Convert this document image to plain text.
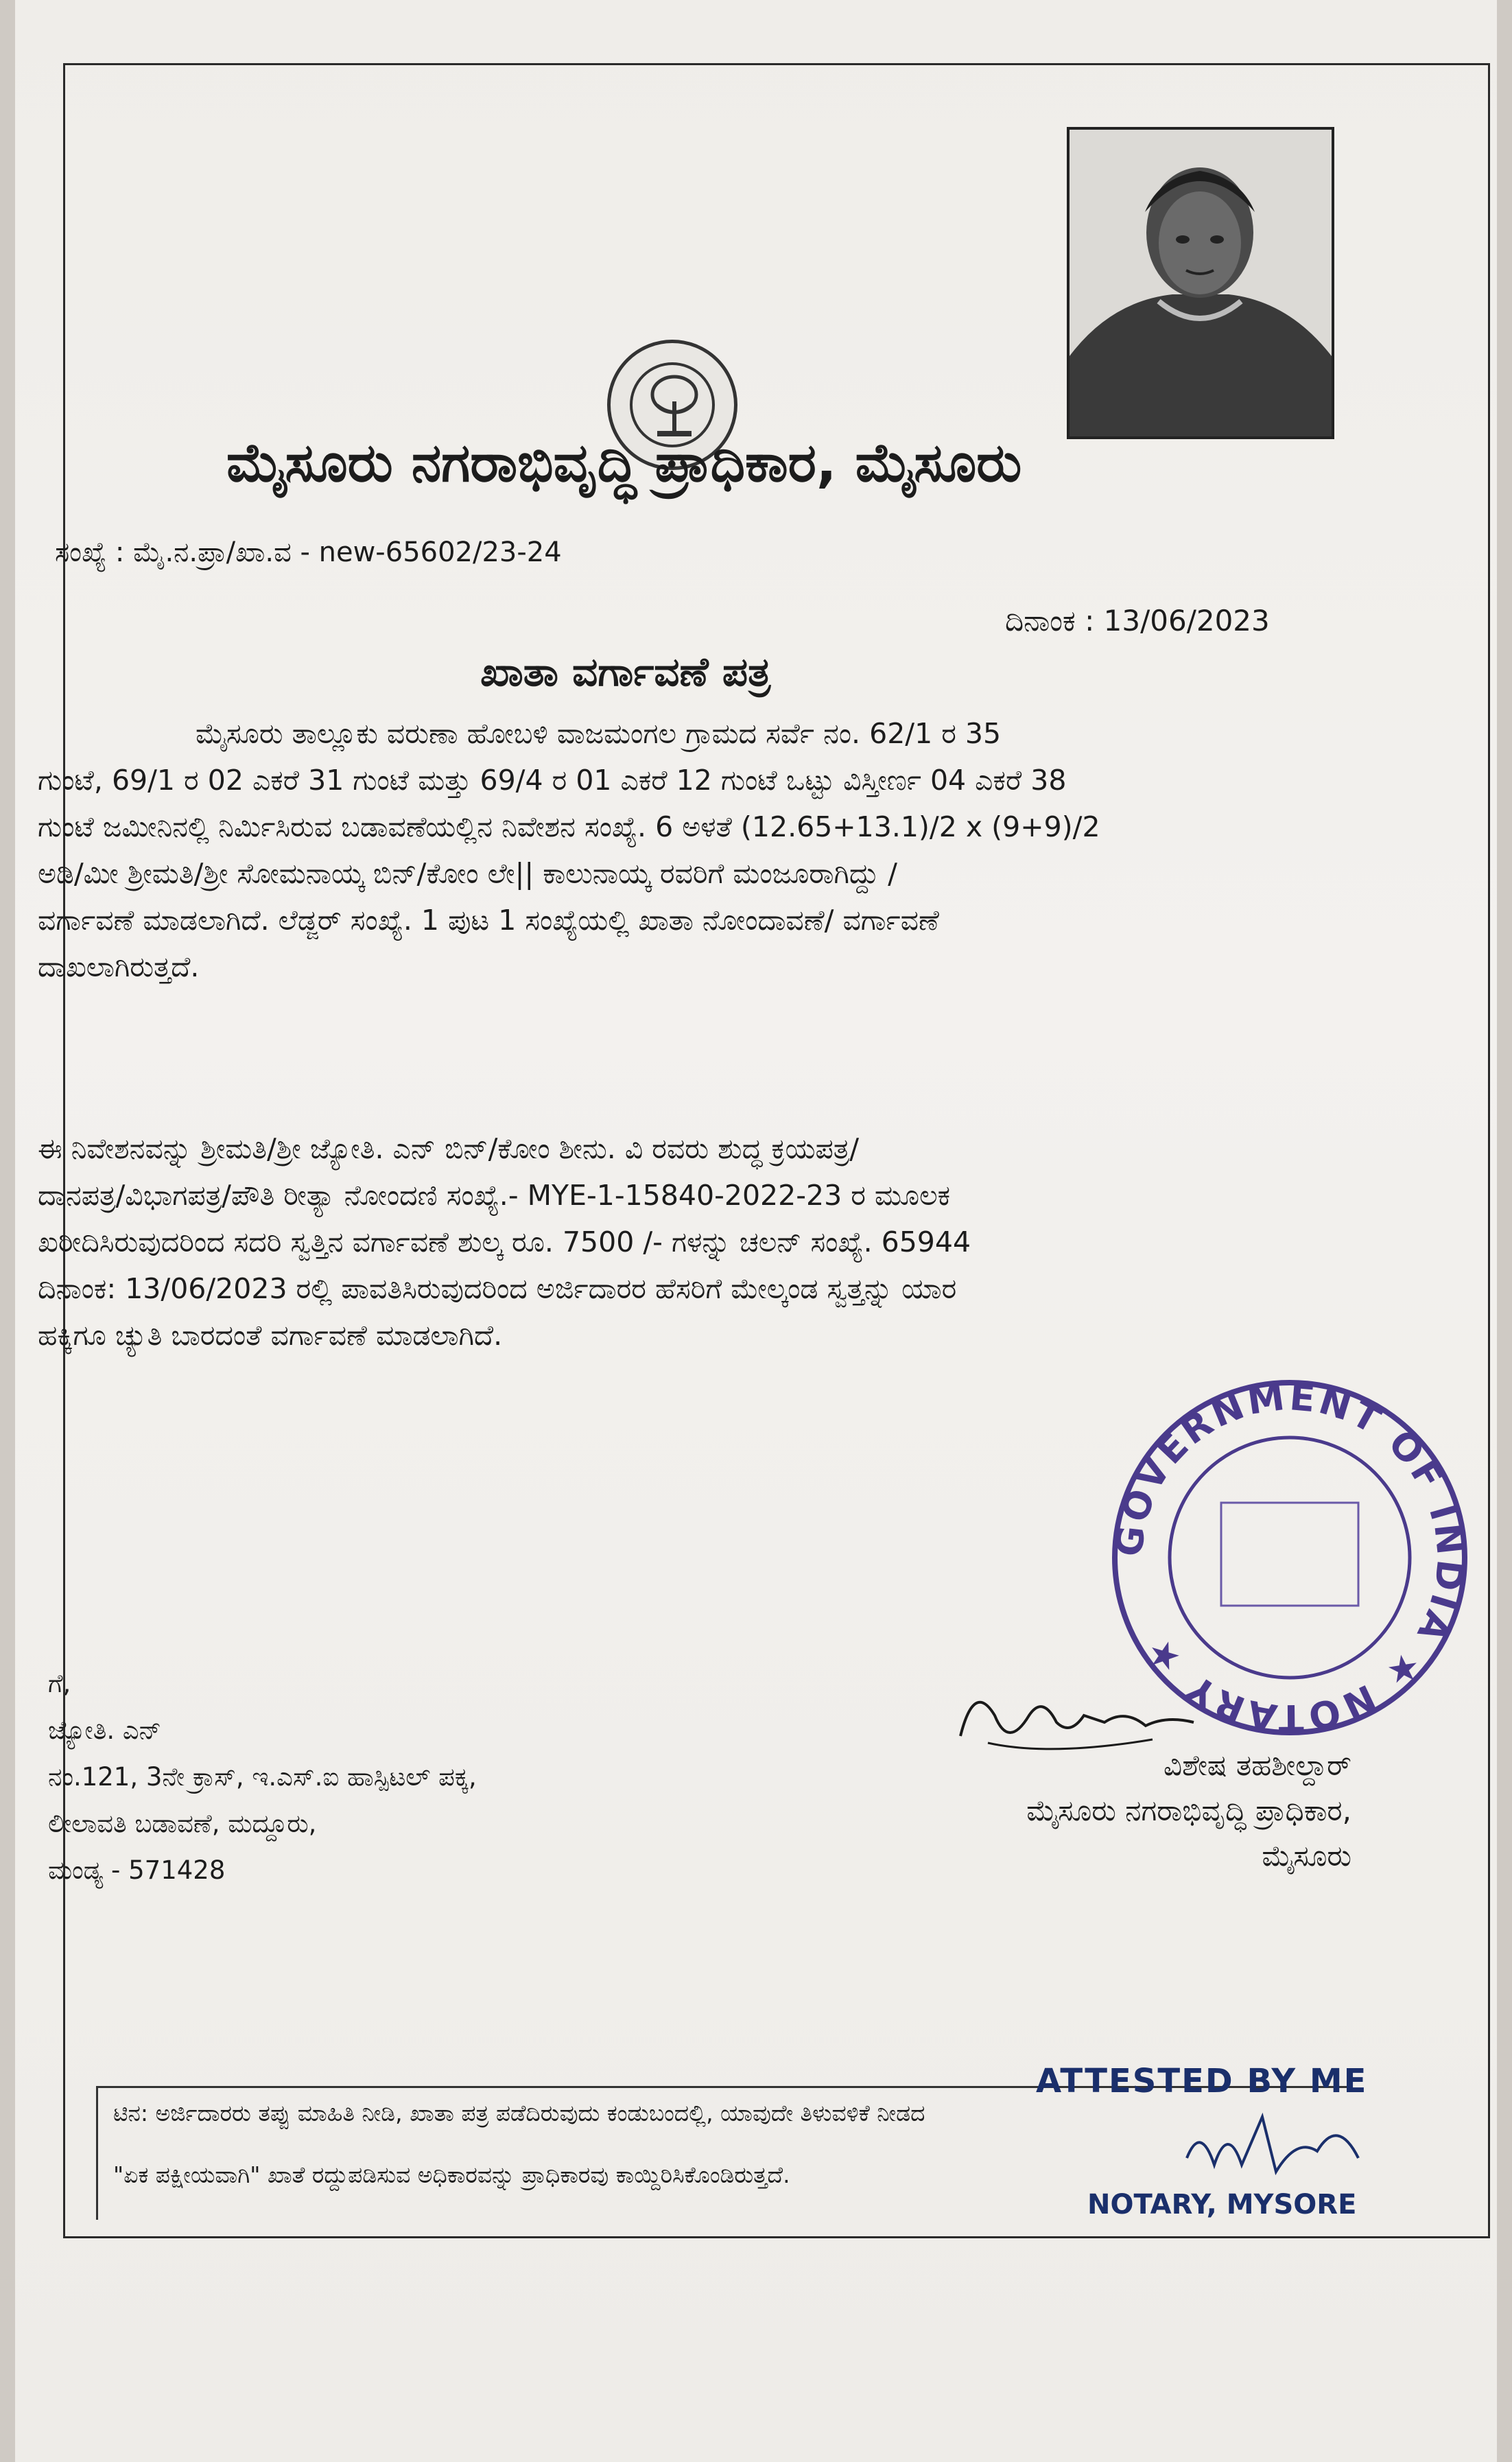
ಮೈಸೂರು ನಗರಾಭಿವೃದ್ಧಿ ಪ್ರಾಧಿಕಾರ, ಮೈಸೂರು
ಸಂಖ್ಯೆ : ಮೈ.ನ.ಪ್ರಾ/ಖಾ.ವ - new-65602/23-24
ದಿನಾಂಕ : 13/06/2023
ಖಾತಾ ವರ್ಗಾವಣೆ ಪತ್ರ

ಮೈಸೂರು ತಾಲ್ಲೂಕು ವರುಣಾ ಹೋಬಳಿ ವಾಜಮಂಗಲ ಗ್ರಾಮದ ಸರ್ವೆ ನಂ. 62/1 ರ 35

ಗುಂಟೆ, 69/1 ರ 02 ಎಕರೆ 31 ಗುಂಟೆ ಮತ್ತು 69/4 ರ 01 ಎಕರೆ 12 ಗುಂಟೆ ಒಟ್ಟು ವಿಸ್ತೀರ್ಣ 04 ಎಕರೆ 38

ಗುಂಟೆ ಜಮೀನಿನಲ್ಲಿ ನಿರ್ಮಿಸಿರುವ ಬಡಾವಣೆಯಲ್ಲಿನ ನಿವೇಶನ ಸಂಖ್ಯೆ. 6 ಅಳತೆ (12.65+13.1)/2 x (9+9)/2

ಅಡಿ/ಮೀ ಶ್ರೀಮತಿ/ಶ್ರೀ ಸೋಮನಾಯ್ಕ ಬಿನ್/ಕೋಂ ಲೇ|| ಕಾಲುನಾಯ್ಕ ರವರಿಗೆ ಮಂಜೂರಾಗಿದ್ದು /

ವರ್ಗಾವಣೆ ಮಾಡಲಾಗಿದೆ. ಲೆಡ್ಜರ್ ಸಂಖ್ಯೆ. 1 ಪುಟ 1 ಸಂಖ್ಯೆಯಲ್ಲಿ ಖಾತಾ ನೋಂದಾವಣೆ/ ವರ್ಗಾವಣೆ

ದಾಖಲಾಗಿರುತ್ತದೆ.

ಈ ನಿವೇಶನವನ್ನು ಶ್ರೀಮತಿ/ಶ್ರೀ ಜ್ಯೋತಿ. ಎನ್ ಬಿನ್/ಕೋಂ ಶೀನು. ವಿ ರವರು ಶುದ್ಧ ಕ್ರಯಪತ್ರ/

ದಾನಪತ್ರ/ವಿಭಾಗಪತ್ರ/ಪೌತಿ ರೀತ್ಯಾ ನೋಂದಣಿ ಸಂಖ್ಯೆ.- MYE-1-15840-2022-23 ರ ಮೂಲಕ

ಖರೀದಿಸಿರುವುದರಿಂದ ಸದರಿ ಸ್ವತ್ತಿನ ವರ್ಗಾವಣೆ ಶುಲ್ಕ ರೂ. 7500 /- ಗಳನ್ನು ಚಲನ್ ಸಂಖ್ಯೆ. 65944

ದಿನಾಂಕ: 13/06/2023 ರಲ್ಲಿ ಪಾವತಿಸಿರುವುದರಿಂದ ಅರ್ಜಿದಾರರ ಹೆಸರಿಗೆ ಮೇಲ್ಕಂಡ ಸ್ವತ್ತನ್ನು ಯಾರ

ಹಕ್ಕಿಗೂ ಚ್ಯುತಿ ಬಾರದಂತೆ ವರ್ಗಾವಣೆ ಮಾಡಲಾಗಿದೆ.

ಗೆ,

ಜ್ಯೋತಿ. ಎನ್

ನಂ.121, 3ನೇ ಕ್ರಾಸ್, ಇ.ಎಸ್.ಐ ಹಾಸ್ಪಿಟಲ್ ಪಕ್ಕ,

ಲೀಲಾವತಿ ಬಡಾವಣೆ, ಮದ್ದೂರು,

ಮಂಡ್ಯ - 571428

ವಿಶೇಷ ತಹಶೀಲ್ದಾರ್

ಮೈಸೂರು ನಗರಾಭಿವೃದ್ಧಿ ಪ್ರಾಧಿಕಾರ,

ಮೈಸೂರು

GOVERNMENT OF INDIA ★ NOTARY ★
ಟಿನ: ಅರ್ಜಿದಾರರು ತಪ್ಪು ಮಾಹಿತಿ ನೀಡಿ, ಖಾತಾ ಪತ್ರ ಪಡೆದಿರುವುದು ಕಂಡುಬಂದಲ್ಲಿ, ಯಾವುದೇ ತಿಳುವಳಿಕೆ ನೀಡದ
"ಏಕ ಪಕ್ಷೀಯವಾಗಿ" ಖಾತೆ ರದ್ದುಪಡಿಸುವ ಅಧಿಕಾರವನ್ನು ಪ್ರಾಧಿಕಾರವು ಕಾಯ್ದಿರಿಸಿಕೊಂಡಿರುತ್ತದೆ.
ATTESTED BY ME
NOTARY, MYSORE
